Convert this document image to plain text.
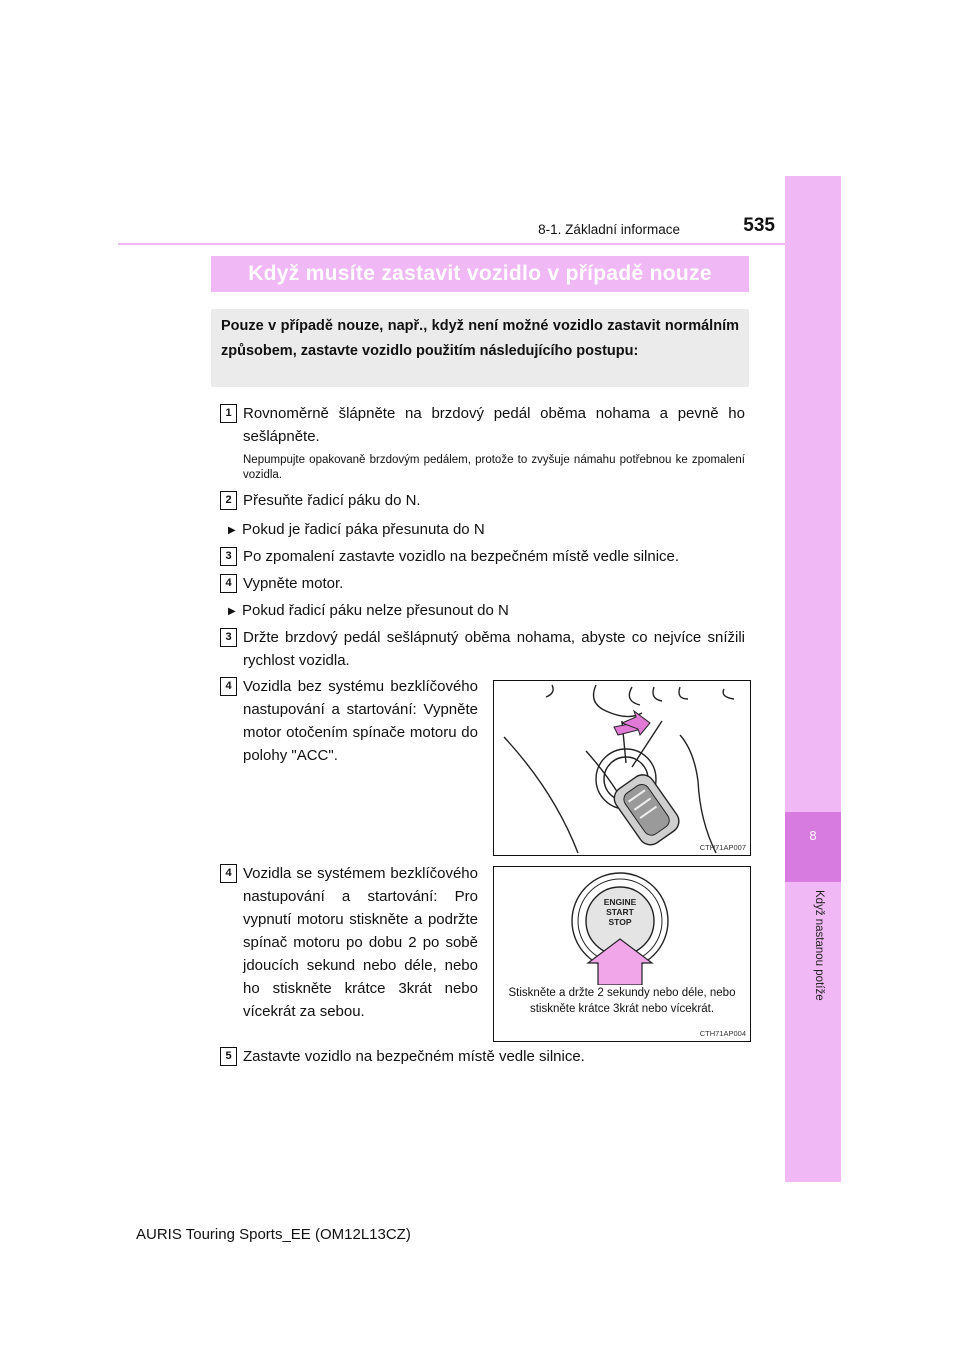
8
Když nastanou potíže
8-1. Základní informace	535
Když musíte zastavit vozidlo v případě nouze
Pouze v případě nouze, např., když není možné vozidlo zastavit normálním způsobem, zastavte vozidlo použitím následujícího postupu:
1 Rovnoměrně šlápněte na brzdový pedál oběma nohama a pevně ho sešlápněte.
Nepumpujte opakovaně brzdovým pedálem, protože to zvyšuje námahu potřebnou ke zpomalení vozidla.
2 Přesuňte řadicí páku do N.
▶ Pokud je řadicí páka přesunuta do N
3 Po zpomalení zastavte vozidlo na bezpečném místě vedle silnice.
4 Vypněte motor.
▶ Pokud řadicí páku nelze přesunout do N
3 Držte brzdový pedál sešlápnutý oběma nohama, abyste co nejvíce snížili rychlost vozidla.
4 Vozidla bez systému bezklíčového nastupování a startování: Vypněte motor otočením spínače motoru do polohy "ACC".
CTH71AP007
4 Vozidla se systémem bezklíčového nastupování a startování: Pro vypnutí motoru stiskněte a podržte spínač motoru po dobu 2 po sobě jdoucích sekund nebo déle, nebo ho stiskněte krátce 3krát nebo vícekrát za sebou.
ENGINE
START
STOP
Stiskněte a držte 2 sekundy nebo déle, nebo stiskněte krátce 3krát nebo vícekrát.
CTH71AP004
5 Zastavte vozidlo na bezpečném místě vedle silnice.
AURIS Touring Sports_EE (OM12L13CZ)
